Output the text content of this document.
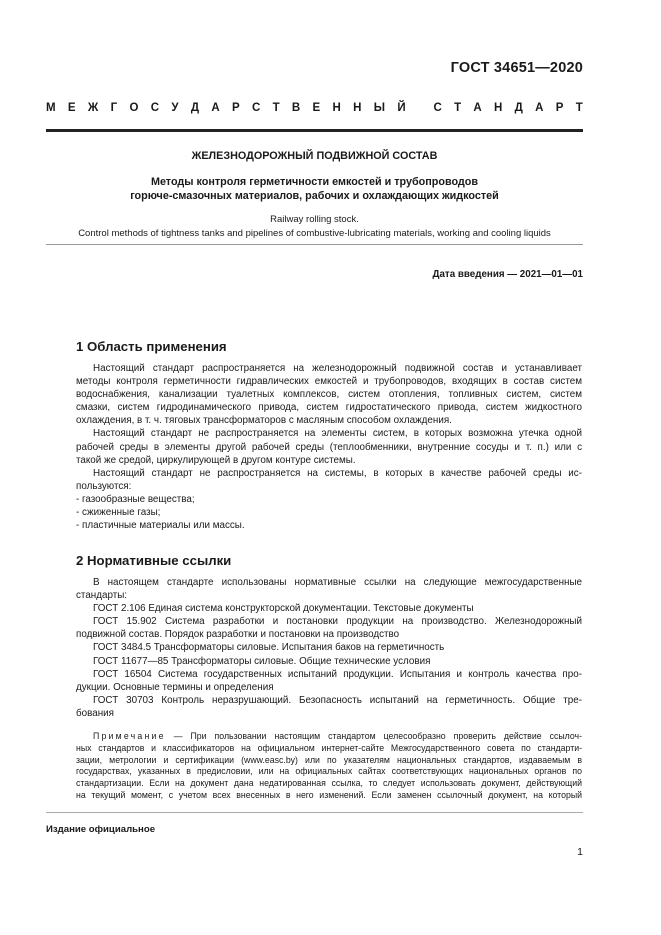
ГОСТ 34651—2020
М Е Ж Г О С У Д А Р С Т В Е Н Н Ы Й
С Т А Н Д А Р Т
ЖЕЛЕЗНОДОРОЖНЫЙ ПОДВИЖНОЙ СОСТАВ
Методы контроля герметичности емкостей и трубопроводов
горюче-смазочных материалов, рабочих и охлаждающих жидкостей
Railway rolling stock.
Control methods of tightness tanks and pipelines of combustive-lubricating materials, working and cooling liquids
Дата введения — 2021—01—01
1 Область применения
Настоящий стандарт распространяется на железнодорожный подвижной состав и устанавливает
методы контроля герметичности гидравлических емкостей и трубопроводов, входящих в состав систем
водоснабжения, канализации туалетных комплексов, систем отопления, топливных систем, систем
смазки, систем гидродинамического привода, систем гидростатического привода, систем жидкостного
охлаждения, в т. ч. тяговых трансформаторов с масляным способом охлаждения.
Настоящий стандарт не распространяется на элементы систем, в которых возможна утечка одной
рабочей среды в элементы другой рабочей среды (теплообменники, внутренние сосуды и т. п.) или с
такой же средой, циркулирующей в другом контуре системы.
Настоящий стандарт не распространяется на системы, в которых в качестве рабочей среды ис-
пользуются:
- газообразные вещества;
- сжиженные газы;
- пластичные материалы или массы.
2 Нормативные ссылки
В настоящем стандарте использованы нормативные ссылки на следующие межгосударственные
стандарты:
ГОСТ 2.106 Единая система конструкторской документации. Текстовые документы
ГОСТ 15.902 Система разработки и постановки продукции на производство. Железнодорожный
подвижной состав. Порядок разработки и постановки на производство
ГОСТ 3484.5 Трансформаторы силовые. Испытания баков на герметичность
ГОСТ 11677—85 Трансформаторы силовые. Общие технические условия
ГОСТ 16504 Система государственных испытаний продукции. Испытания и контроль качества про-
дукции. Основные термины и определения
ГОСТ 30703 Контроль неразрушающий. Безопасность испытаний на герметичность. Общие тре-
бования
Примечание — При пользовании настоящим стандартом целесообразно проверить действие ссылоч-
ных стандартов и классификаторов на официальном интернет-сайте Межгосударственного совета по стандарти-
зации, метрологии и сертификации (www.easc.by) или по указателям национальных стандартов, издаваемым в
государствах, указанных в предисловии, или на официальных сайтах соответствующих национальных органов по
стандартизации. Если на документ дана недатированная ссылка, то следует использовать документ, действующий
на текущий момент, с учетом всех внесенных в него изменений. Если заменен ссылочный документ, на который
Издание официальное
1
